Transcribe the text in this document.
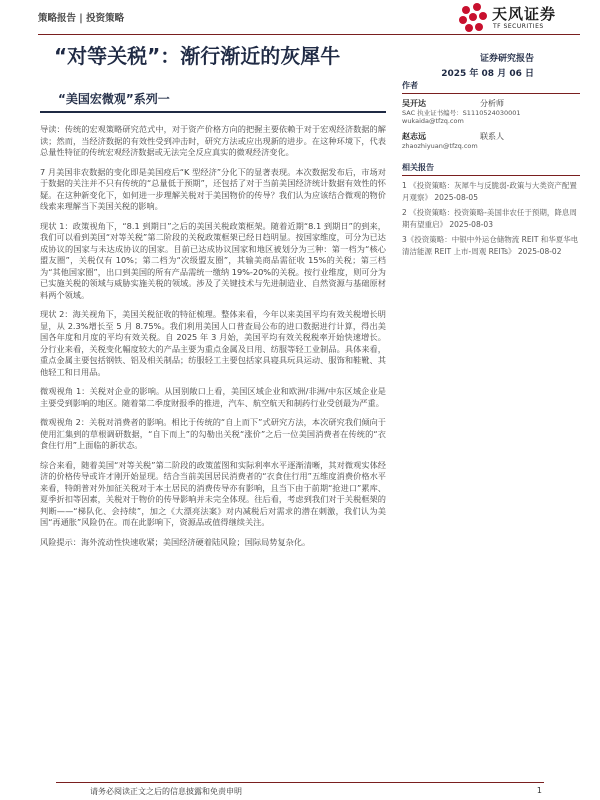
策略报告 | 投资策略	天风证券
TF SECURITIES
“对等关税”：渐行渐近的灰犀牛	证券研究报告
2025 年 08 月 06 日
“美国宏微观”系列一
作者
吴开达	分析师
SAC 执业证书编号：S1110524030001
wukaida@tfzq.com
赵志远	联系人
zhaozhiyuan@tfzq.com
相关报告
1 《投资策略：灰犀牛与反脆弱-政策与大类资产配置月观察》 2025-08-05
2 《投资策略：投资策略-美国非农任于预期，降息周期有望重启》 2025-08-03
3《投资策略：中银中外运仓储物流 REIT 和华夏华电清洁能源 REIT 上市-周观 REITs》 2025-08-02

导读：传统的宏观策略研究范式中，对于资产价格方向的把握主要依赖于对于宏观经济数据的解读；然而，当经济数据的有效性受到冲击时，研究方法或应出现新的进步。在这种环境下，代表总量性特征的传统宏观经济数据或无法完全反应真实的微观经济变化。

7 月美国非农数据的变化即是美国疫后“K 型经济”分化下的显著表现。本次数据发布后，市场对于数据的关注并不只有传统的“总量低于预期”，还包括了对于当前美国经济统计数据有效性的怀疑。在这种新变化下，如何进一步理解关税对于美国物价的传导？我们认为应该结合微观的物价线索来理解当下美国关税的影响。

现状 1：政策视角下，“8.1 到期日”之后的美国关税政策框架。随着近期“8.1 到期日”的到来，我们可以看到美国“对等关税”第二阶段的关税政策框架已经日趋明显。按国家维度，可分为已达成协议的国家与未达成协议的国家。目前已达成协议国家和地区被划分为三种：第一档为“核心盟友圈”，关税仅有 10%；第二档为“次级盟友圈”，其输美商品需征收 15%的关税；第三档为“其他国家圈”，出口到美国的所有产品需统一缴纳 19%-20%的关税。按行业维度，则可分为已实施关税的领域与威胁实施关税的领域。涉及了关键技术与先进制造业、自然资源与基础原材料两个领域。

现状 2：海关视角下，美国关税征收的特征梳理。整体来看，今年以来美国平均有效关税增长明显，从 2.3%增长至 5 月 8.75%。我们利用美国人口普查局公布的进口数据进行计算，得出美国各年度和月度的平均有效关税。自 2025 年 3 月始，美国平均有效关税税率开始快速增长。分行业来看，关税变化幅度较大的产品主要为重点金属及日用、纺服等轻工业制品。具体来看，重点金属主要包括钢铁、铝及相关制品；纺服轻工主要包括家具寝具玩具运动、服饰和鞋靴、其他轻工和日用品。

微观视角 1：关税对企业的影响。从国别敞口上看，美国区域企业和欧洲/非洲/中东区域企业是主要受到影响的地区。随着第二季度财报季的推进，汽车、航空航天和制药行业受创最为严重。

微观视角 2：关税对消费者的影响。相比于传统的“自上而下”式研究方法，本次研究我们倾向于使用汇集到的草根调研数据，“自下而上”的勾勒出关税“涨价”之后一位美国消费者在传统的“衣食住行用”上面临的新状态。

综合来看，随着美国“对等关税”第二阶段的政策蓝图和实际利率水平逐渐清晰，其对微观实体经济的价格传导或许才刚开始显现。结合当前美国居民消费者的“衣食住行用”五维度消费价格水平来看，特朗普对外加征关税对于本土居民的消费传导亦有影响，且当下由于前期“抢进口”累库、夏季折扣等因素，关税对于物价的传导影响并未完全体现。往后看，考虑到我们对于关税框架的判断——“梯队化、会持续”，加之《大漂亮法案》对内减税后对需求的潜在刺激，我们认为美国“再通胀”风险仍在。而在此影响下，资源品或值得继续关注。

风险提示：海外流动性快速收紧；美国经济硬着陆风险；国际局势复杂化。

请务必阅读正文之后的信息披露和免责申明	1
